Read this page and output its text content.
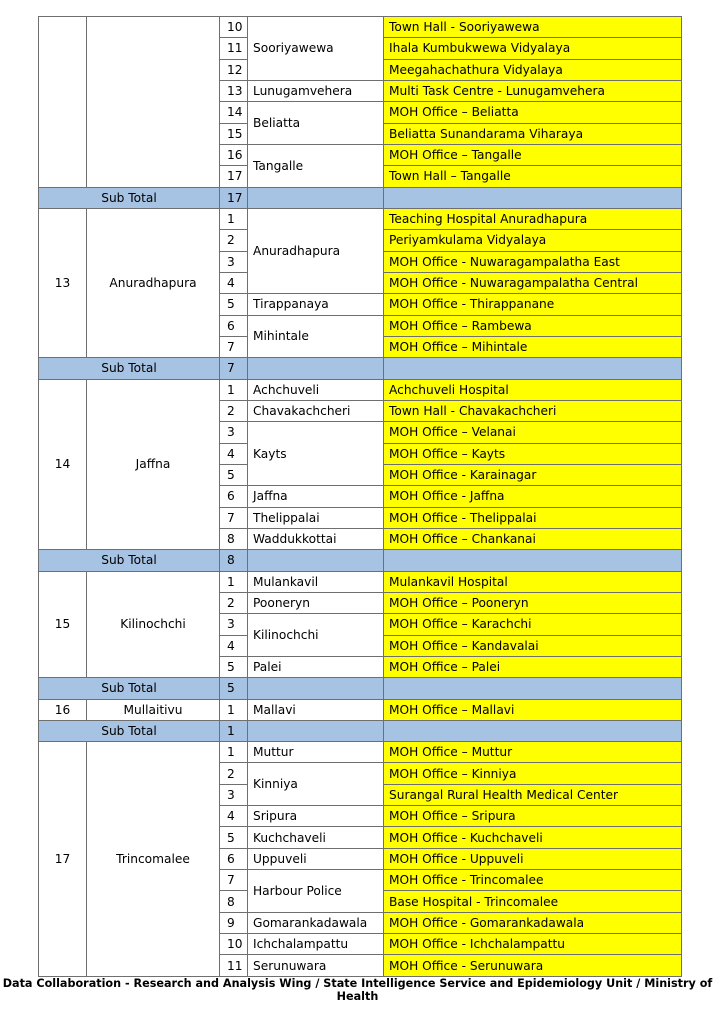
		10	Sooriyawewa	Town Hall - Sooriyawewa
		11		Ihala Kumbukwewa Vidyalaya
		12		Meegahachathura Vidyalaya
		13	Lunugamvehera	Multi Task Centre - Lunugamvehera
		14	Beliatta	MOH Office – Beliatta
		15		Beliatta Sunandarama Viharaya
		16	Tangalle	MOH Office – Tangalle
		17		Town Hall – Tangalle
Sub Total		17		
13	Anuradhapura	1	Anuradhapura	Teaching Hospital Anuradhapura
		2		Periyamkulama Vidyalaya
		3		MOH Office - Nuwaragampalatha East
		4		MOH Office - Nuwaragampalatha Central
		5	Tirappanaya	MOH Office - Thirappanane
		6	Mihintale	MOH Office – Rambewa
		7		MOH Office – Mihintale
Sub Total		7		
14	Jaffna	1	Achchuveli	Achchuveli Hospital
		2	Chavakachcheri	Town Hall - Chavakachcheri
		3	Kayts	MOH Office – Velanai
		4		MOH Office – Kayts
		5		MOH Office - Karainagar
		6	Jaffna	MOH Office - Jaffna
		7	Thelippalai	MOH Office - Thelippalai
		8	Waddukkottai	MOH Office – Chankanai
Sub Total		8		
15	Kilinochchi	1	Mulankavil	Mulankavil Hospital
		2	Pooneryn	MOH Office – Pooneryn
		3	Kilinochchi	MOH Office – Karachchi
		4		MOH Office – Kandavalai
		5	Palei	MOH Office – Palei
Sub Total		5		
16	Mullaitivu	1	Mallavi	MOH Office – Mallavi
Sub Total		1		
17	Trincomalee	1	Muttur	MOH Office – Muttur
		2	Kinniya	MOH Office – Kinniya
		3		Surangal Rural Health Medical Center
		4	Sripura	MOH Office – Sripura
		5	Kuchchaveli	MOH Office - Kuchchaveli
		6	Uppuveli	MOH Office - Uppuveli
		7	Harbour Police	MOH Office - Trincomalee
		8		Base Hospital - Trincomalee
		9	Gomarankadawala	MOH Office - Gomarankadawala
		10	Ichchalampattu	MOH Office - Ichchalampattu
		11	Serunuwara	MOH Office - Serunuwara
Data Collaboration - Research and Analysis Wing / State Intelligence Service and Epidemiology Unit / Ministry of Health
